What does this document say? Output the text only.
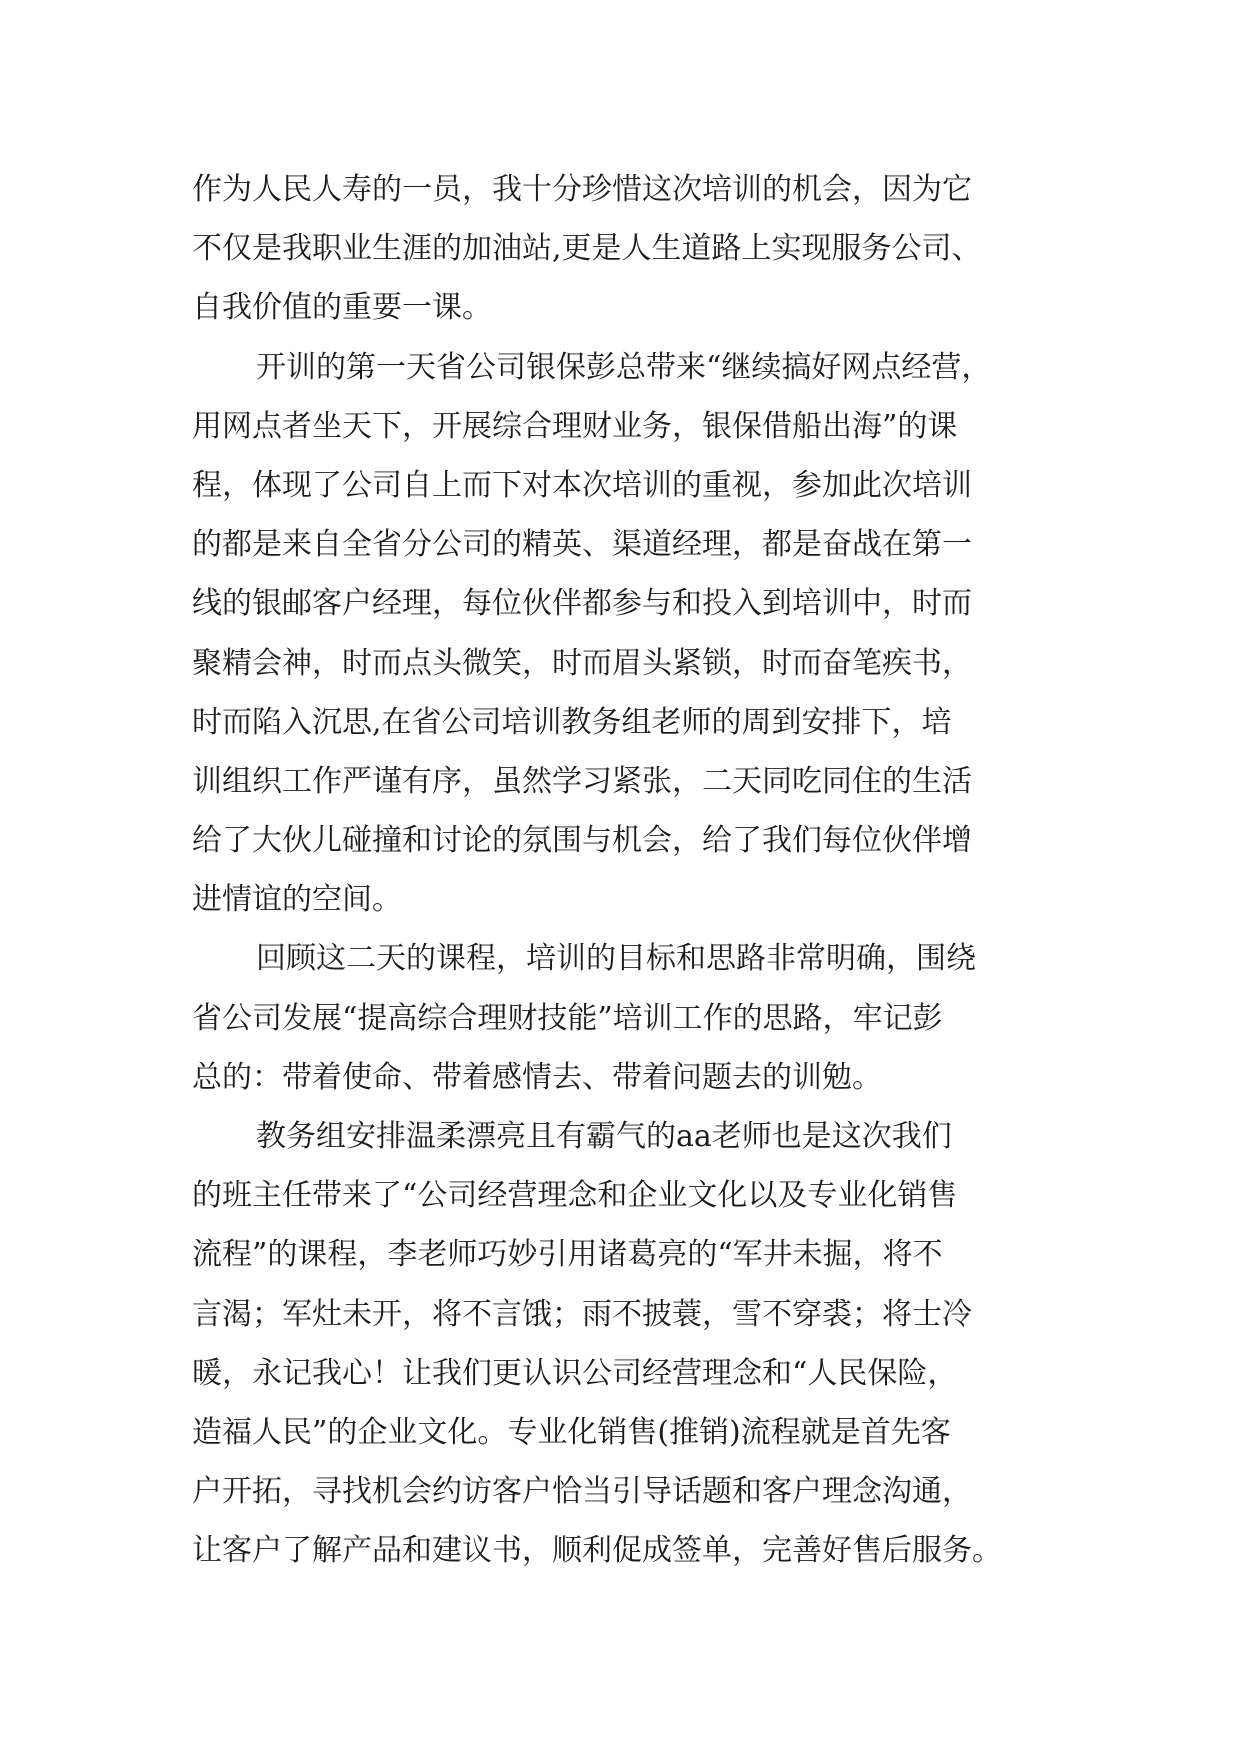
作为人民人寿的一员，我十分珍惜这次培训的机会，因为它
不仅是我职业生涯的加油站,更是人生道路上实现服务公司、
自我价值的重要一课。
开训的第一天省公司银保彭总带来“继续搞好网点经营，
用网点者坐天下，开展综合理财业务，银保借船出海”的课
程，体现了公司自上而下对本次培训的重视，参加此次培训
的都是来自全省分公司的精英、渠道经理，都是奋战在第一
线的银邮客户经理，每位伙伴都参与和投入到培训中，时而
聚精会神，时而点头微笑，时而眉头紧锁，时而奋笔疾书，
时而陷入沉思,在省公司培训教务组老师的周到安排下，培
训组织工作严谨有序，虽然学习紧张，二天同吃同住的生活
给了大伙儿碰撞和讨论的氛围与机会，给了我们每位伙伴增
进情谊的空间。
回顾这二天的课程，培训的目标和思路非常明确，围绕
省公司发展“提高综合理财技能”培训工作的思路，牢记彭
总的：带着使命、带着感情去、带着问题去的训勉。
教务组安排温柔漂亮且有霸气的aa老师也是这次我们
的班主任带来了“公司经营理念和企业文化以及专业化销售
流程”的课程，李老师巧妙引用诸葛亮的“军井未掘，将不
言渴；军灶未开，将不言饿；雨不披蓑，雪不穿裘；将士冷
暖，永记我心！让我们更认识公司经营理念和“人民保险，
造福人民”的企业文化。专业化销售(推销)流程就是首先客
户开拓，寻找机会约访客户恰当引导话题和客户理念沟通，
让客户了解产品和建议书，顺利促成签单，完善好售后服务。
